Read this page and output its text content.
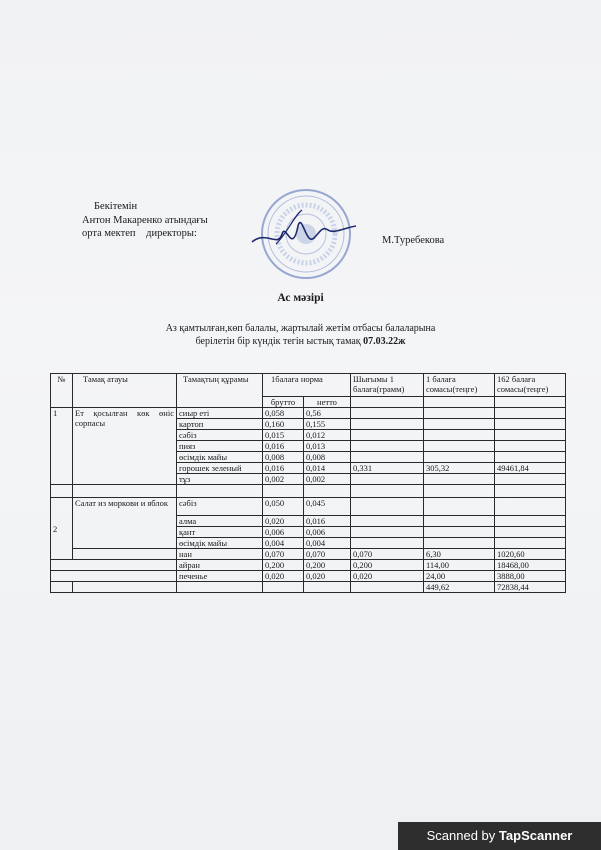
Бекітемін
Антон Макаренко атындағы
орта мектеп директоры:
М.Туребекова
Ас мәзірі
Аз қамтылған,көп балалы, жартылай жетім отбасы балаларына
берілетін бір күндік тегін ыстық тамақ 07.03.22ж
№	Тамақ атауы	Тамақтың құрамы	1балаға норма		Шығымы 1 балаға(грамм)	1 балаға сомасы(теңге)	162 балаға сомасы(теңге)
			брутто	нетто			
1	Ет қосылған көк өніс сорпасы	сиыр еті	0,058	0,56			
		картоп	0,160	0,155			
		сәбіз	0,015	0,012			
		пияз	0,016	0,013			
		өсімдік майы	0,008	0,008			
		горошек зеленый	0,016	0,014	0,331	305,32	49461,84
		тұз	0,002	0,002			

2	Салат из моркови и яблок	сәбіз	0,050	0,045			
		алма	0,020	0,016			
		қант	0,006	0,006			
		өсімдік майы	0,004	0,004			
		нан	0,070	0,070	0,070	6,30	1020,60
		айран	0,200	0,200	0,200	114,00	18468,00
		печенье	0,020	0,020	0,020	24,00	3888,00
						449,62	72838,44
Scanned by TapScanner
